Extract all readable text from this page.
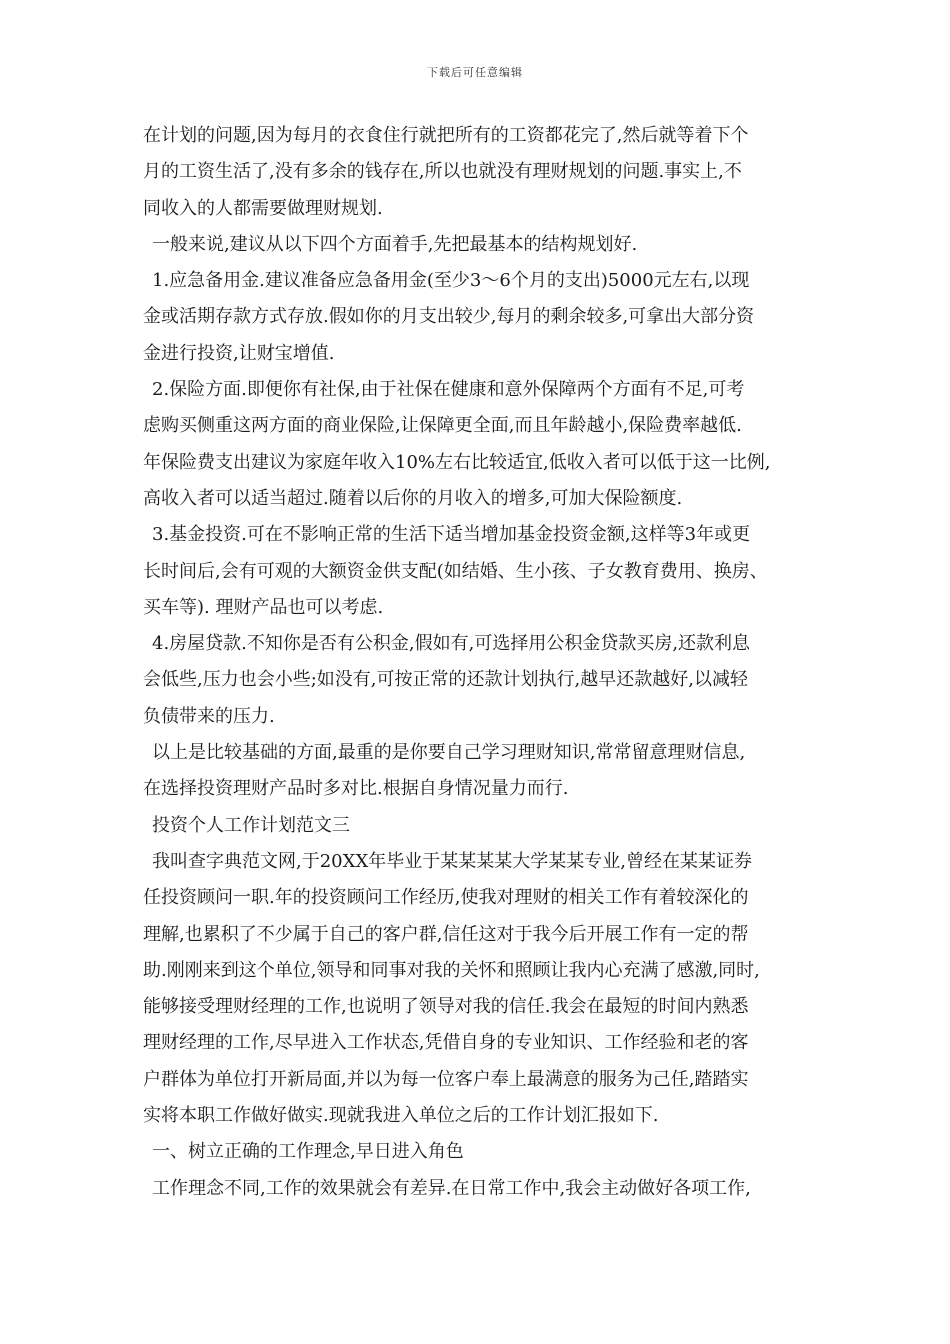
下载后可任意编辑
在计划的问题,因为每月的衣食住行就把所有的工资都花完了,然后就等着下个
月的工资生活了,没有多余的钱存在,所以也就没有理财规划的问题.事实上,不
同收入的人都需要做理财规划.
一般来说,建议从以下四个方面着手,先把最基本的结构规划好.
1.应急备用金.建议准备应急备用金(至少3～6个月的支出)5000元左右,以现
金或活期存款方式存放.假如你的月支出较少,每月的剩余较多,可拿出大部分资
金进行投资,让财宝增值.
2.保险方面.即便你有社保,由于社保在健康和意外保障两个方面有不足,可考
虑购买侧重这两方面的商业保险,让保障更全面,而且年龄越小,保险费率越低.
年保险费支出建议为家庭年收入10%左右比较适宜,低收入者可以低于这一比例,
高收入者可以适当超过.随着以后你的月收入的增多,可加大保险额度.
3.基金投资.可在不影响正常的生活下适当增加基金投资金额,这样等3年或更
长时间后,会有可观的大额资金供支配(如结婚、生小孩、子女教育费用、换房、
买车等). 理财产品也可以考虑.
4.房屋贷款.不知你是否有公积金,假如有,可选择用公积金贷款买房,还款利息
会低些,压力也会小些;如没有,可按正常的还款计划执行,越早还款越好,以减轻
负债带来的压力.
以上是比较基础的方面,最重的是你要自己学习理财知识,常常留意理财信息,
在选择投资理财产品时多对比.根据自身情况量力而行.
投资个人工作计划范文三
我叫查字典范文网,于20XX年毕业于某某某某大学某某专业,曾经在某某证券
任投资顾问一职.年的投资顾问工作经历,使我对理财的相关工作有着较深化的
理解,也累积了不少属于自己的客户群,信任这对于我今后开展工作有一定的帮
助.刚刚来到这个单位,领导和同事对我的关怀和照顾让我内心充满了感激,同时,
能够接受理财经理的工作,也说明了领导对我的信任.我会在最短的时间内熟悉
理财经理的工作,尽早进入工作状态,凭借自身的专业知识、工作经验和老的客
户群体为单位打开新局面,并以为每一位客户奉上最满意的服务为己任,踏踏实
实将本职工作做好做实.现就我进入单位之后的工作计划汇报如下.
一、树立正确的工作理念,早日进入角色
工作理念不同,工作的效果就会有差异.在日常工作中,我会主动做好各项工作,
